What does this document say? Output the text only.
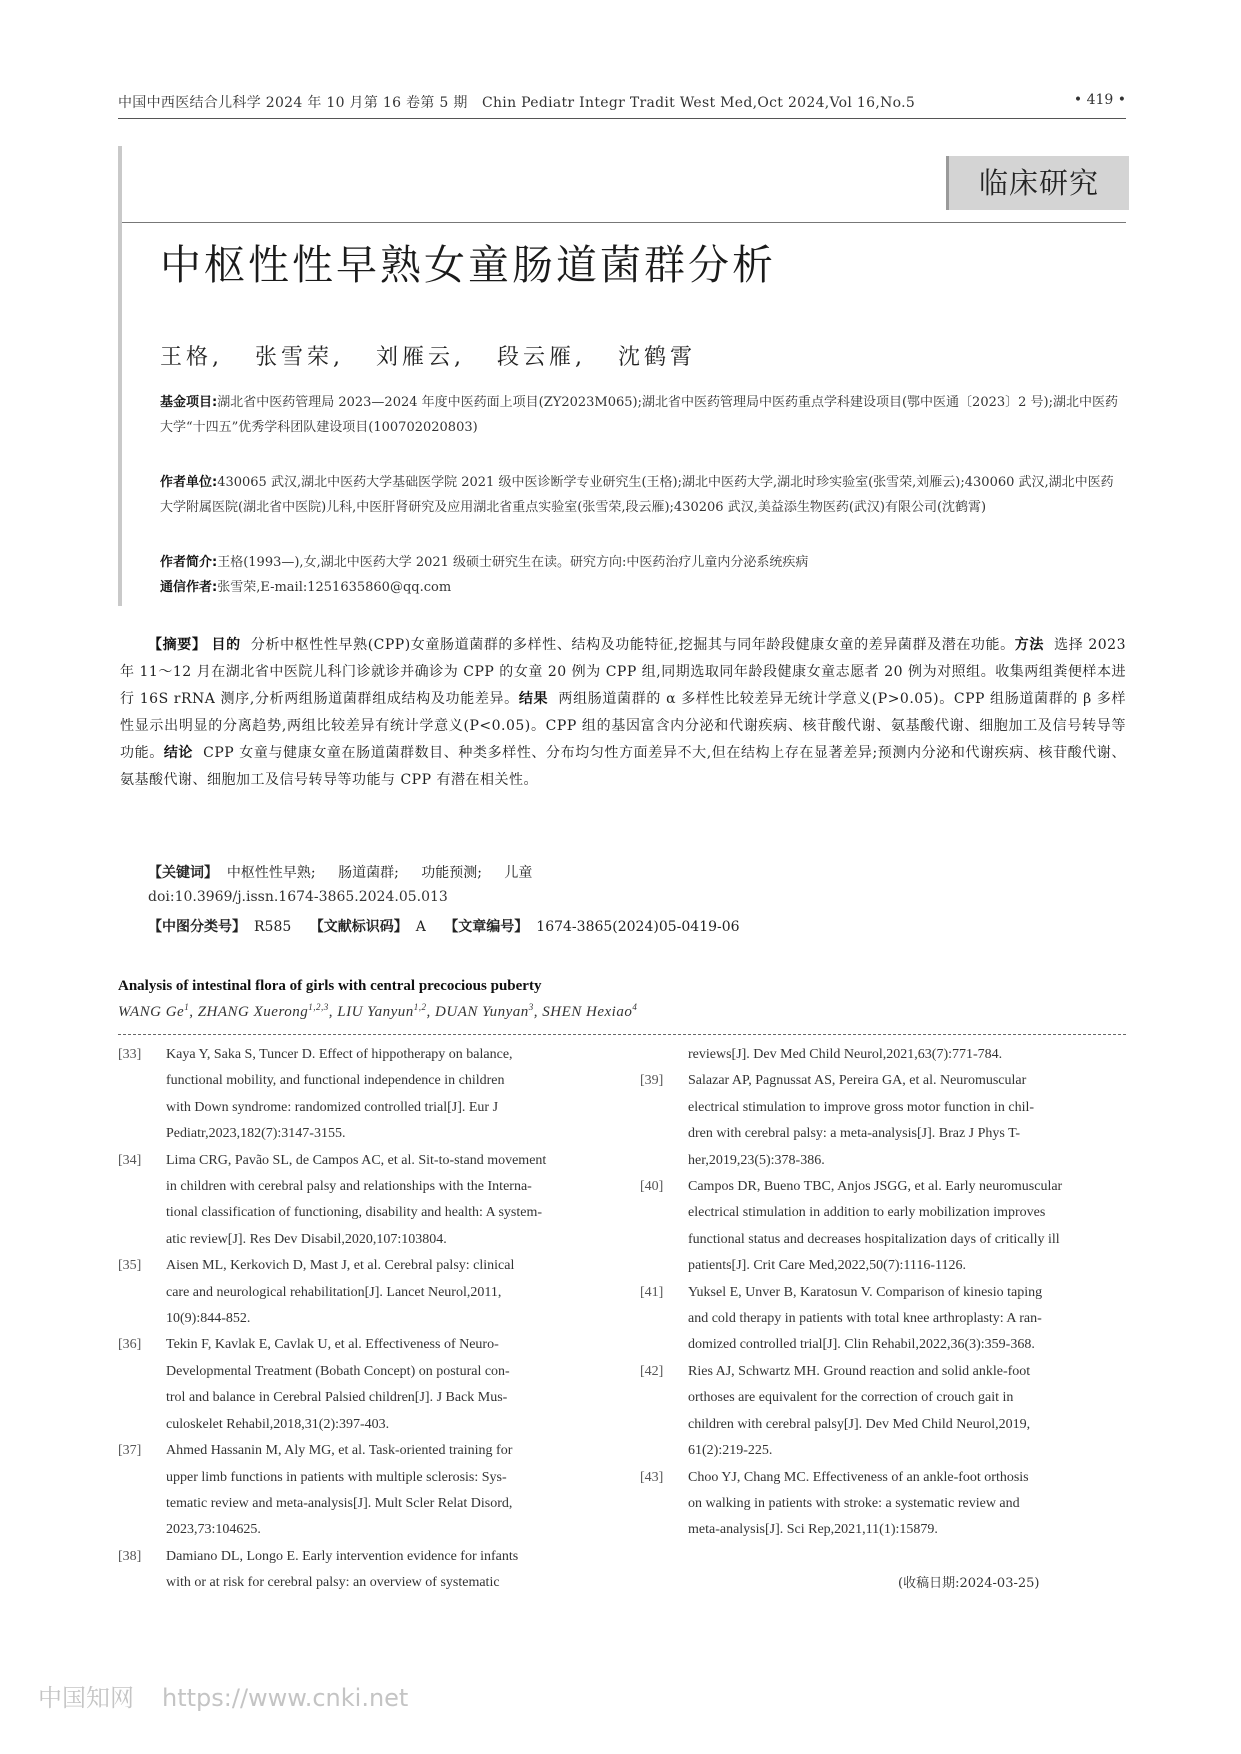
中国中西医结合儿科学 2024 年 10 月第 16 卷第 5 期　Chin Pediatr Integr Tradit West Med,Oct 2024,Vol 16,No.5	• 419 •
临床研究
中枢性性早熟女童肠道菌群分析
王格, 张雪荣, 刘雁云, 段云雁, 沈鹤霄
基金项目:湖北省中医药管理局 2023—2024 年度中医药面上项目(ZY2023M065);湖北省中医药管理局中医药重点学科建设项目(鄂中医通〔2023〕2 号);湖北中医药大学“十四五”优秀学科团队建设项目(100702020803)
作者单位:430065 武汉,湖北中医药大学基础医学院 2021 级中医诊断学专业研究生(王格);湖北中医药大学,湖北时珍实验室(张雪荣,刘雁云);430060 武汉,湖北中医药大学附属医院(湖北省中医院)儿科,中医肝肾研究及应用湖北省重点实验室(张雪荣,段云雁);430206 武汉,美益添生物医药(武汉)有限公司(沈鹤霄)
作者简介:王格(1993—),女,湖北中医药大学 2021 级硕士研究生在读。研究方向:中医药治疗儿童内分泌系统疾病
通信作者:张雪荣,E-mail:1251635860@qq.com
【摘要】 目的 分析中枢性性早熟(CPP)女童肠道菌群的多样性、结构及功能特征,挖掘其与同年龄段健康女童的差异菌群及潜在功能。方法 选择 2023 年 11～12 月在湖北省中医院儿科门诊就诊并确诊为 CPP 的女童 20 例为 CPP 组,同期选取同年龄段健康女童志愿者 20 例为对照组。收集两组粪便样本进行 16S rRNA 测序,分析两组肠道菌群组成结构及功能差异。结果 两组肠道菌群的 α 多样性比较差异无统计学意义(P>0.05)。CPP 组肠道菌群的 β 多样性显示出明显的分离趋势,两组比较差异有统计学意义(P<0.05)。CPP 组的基因富含内分泌和代谢疾病、核苷酸代谢、氨基酸代谢、细胞加工及信号转导等功能。结论 CPP 女童与健康女童在肠道菌群数目、种类多样性、分布均匀性方面差异不大,但在结构上存在显著差异;预测内分泌和代谢疾病、核苷酸代谢、氨基酸代谢、细胞加工及信号转导等功能与 CPP 有潜在相关性。
【关键词】 中枢性性早熟; 肠道菌群; 功能预测; 儿童
doi:10.3969/j.issn.1674-3865.2024.05.013
【中图分类号】 R585 【文献标识码】 A 【文章编号】 1674-3865(2024)05-0419-06
Analysis of intestinal flora of girls with central precocious puberty
WANG Ge$^1$, ZHANG Xuerong$^{1,2,3}$, LIU Yanyun$^{1,2}$, DUAN Yunyan$^3$, SHEN Hexiao$^4$
[33]	Kaya Y, Saka S, Tuncer D. Effect of hippotherapy on balance,
functional mobility, and functional independence in children
with Down syndrome: randomized controlled trial[J]. Eur J
Pediatr,2023,182(7):3147-3155.
[34]	Lima CRG, Pavão SL, de Campos AC, et al. Sit-to-stand movement
in children with cerebral palsy and relationships with the Interna-
tional classification of functioning, disability and health: A system-
atic review[J]. Res Dev Disabil,2020,107:103804.
[35]	Aisen ML, Kerkovich D, Mast J, et al. Cerebral palsy: clinical
care and neurological rehabilitation[J]. Lancet Neurol,2011,
10(9):844-852.
[36]	Tekin F, Kavlak E, Cavlak U, et al. Effectiveness of Neuro-
Developmental Treatment (Bobath Concept) on postural con-
trol and balance in Cerebral Palsied children[J]. J Back Mus-
culoskelet Rehabil,2018,31(2):397-403.
[37]	Ahmed Hassanin M, Aly MG, et al. Task-oriented training for
upper limb functions in patients with multiple sclerosis: Sys-
tematic review and meta-analysis[J]. Mult Scler Relat Disord,
2023,73:104625.
[38]	Damiano DL, Longo E. Early intervention evidence for infants
with or at risk for cerebral palsy: an overview of systematic
reviews[J]. Dev Med Child Neurol,2021,63(7):771-784.
[39]	Salazar AP, Pagnussat AS, Pereira GA, et al. Neuromuscular
electrical stimulation to improve gross motor function in chil-
dren with cerebral palsy: a meta-analysis[J]. Braz J Phys T-
her,2019,23(5):378-386.
[40]	Campos DR, Bueno TBC, Anjos JSGG, et al. Early neuromuscular
electrical stimulation in addition to early mobilization improves
functional status and decreases hospitalization days of critically ill
patients[J]. Crit Care Med,2022,50(7):1116-1126.
[41]	Yuksel E, Unver B, Karatosun V. Comparison of kinesio taping
and cold therapy in patients with total knee arthroplasty: A ran-
domized controlled trial[J]. Clin Rehabil,2022,36(3):359-368.
[42]	Ries AJ, Schwartz MH. Ground reaction and solid ankle-foot
orthoses are equivalent for the correction of crouch gait in
children with cerebral palsy[J]. Dev Med Child Neurol,2019,
61(2):219-225.
[43]	Choo YJ, Chang MC. Effectiveness of an ankle-foot orthosis
on walking in patients with stroke: a systematic review and
meta-analysis[J]. Sci Rep,2021,11(1):15879.
(收稿日期:2024-03-25)
中国知网 https://www.cnki.net
